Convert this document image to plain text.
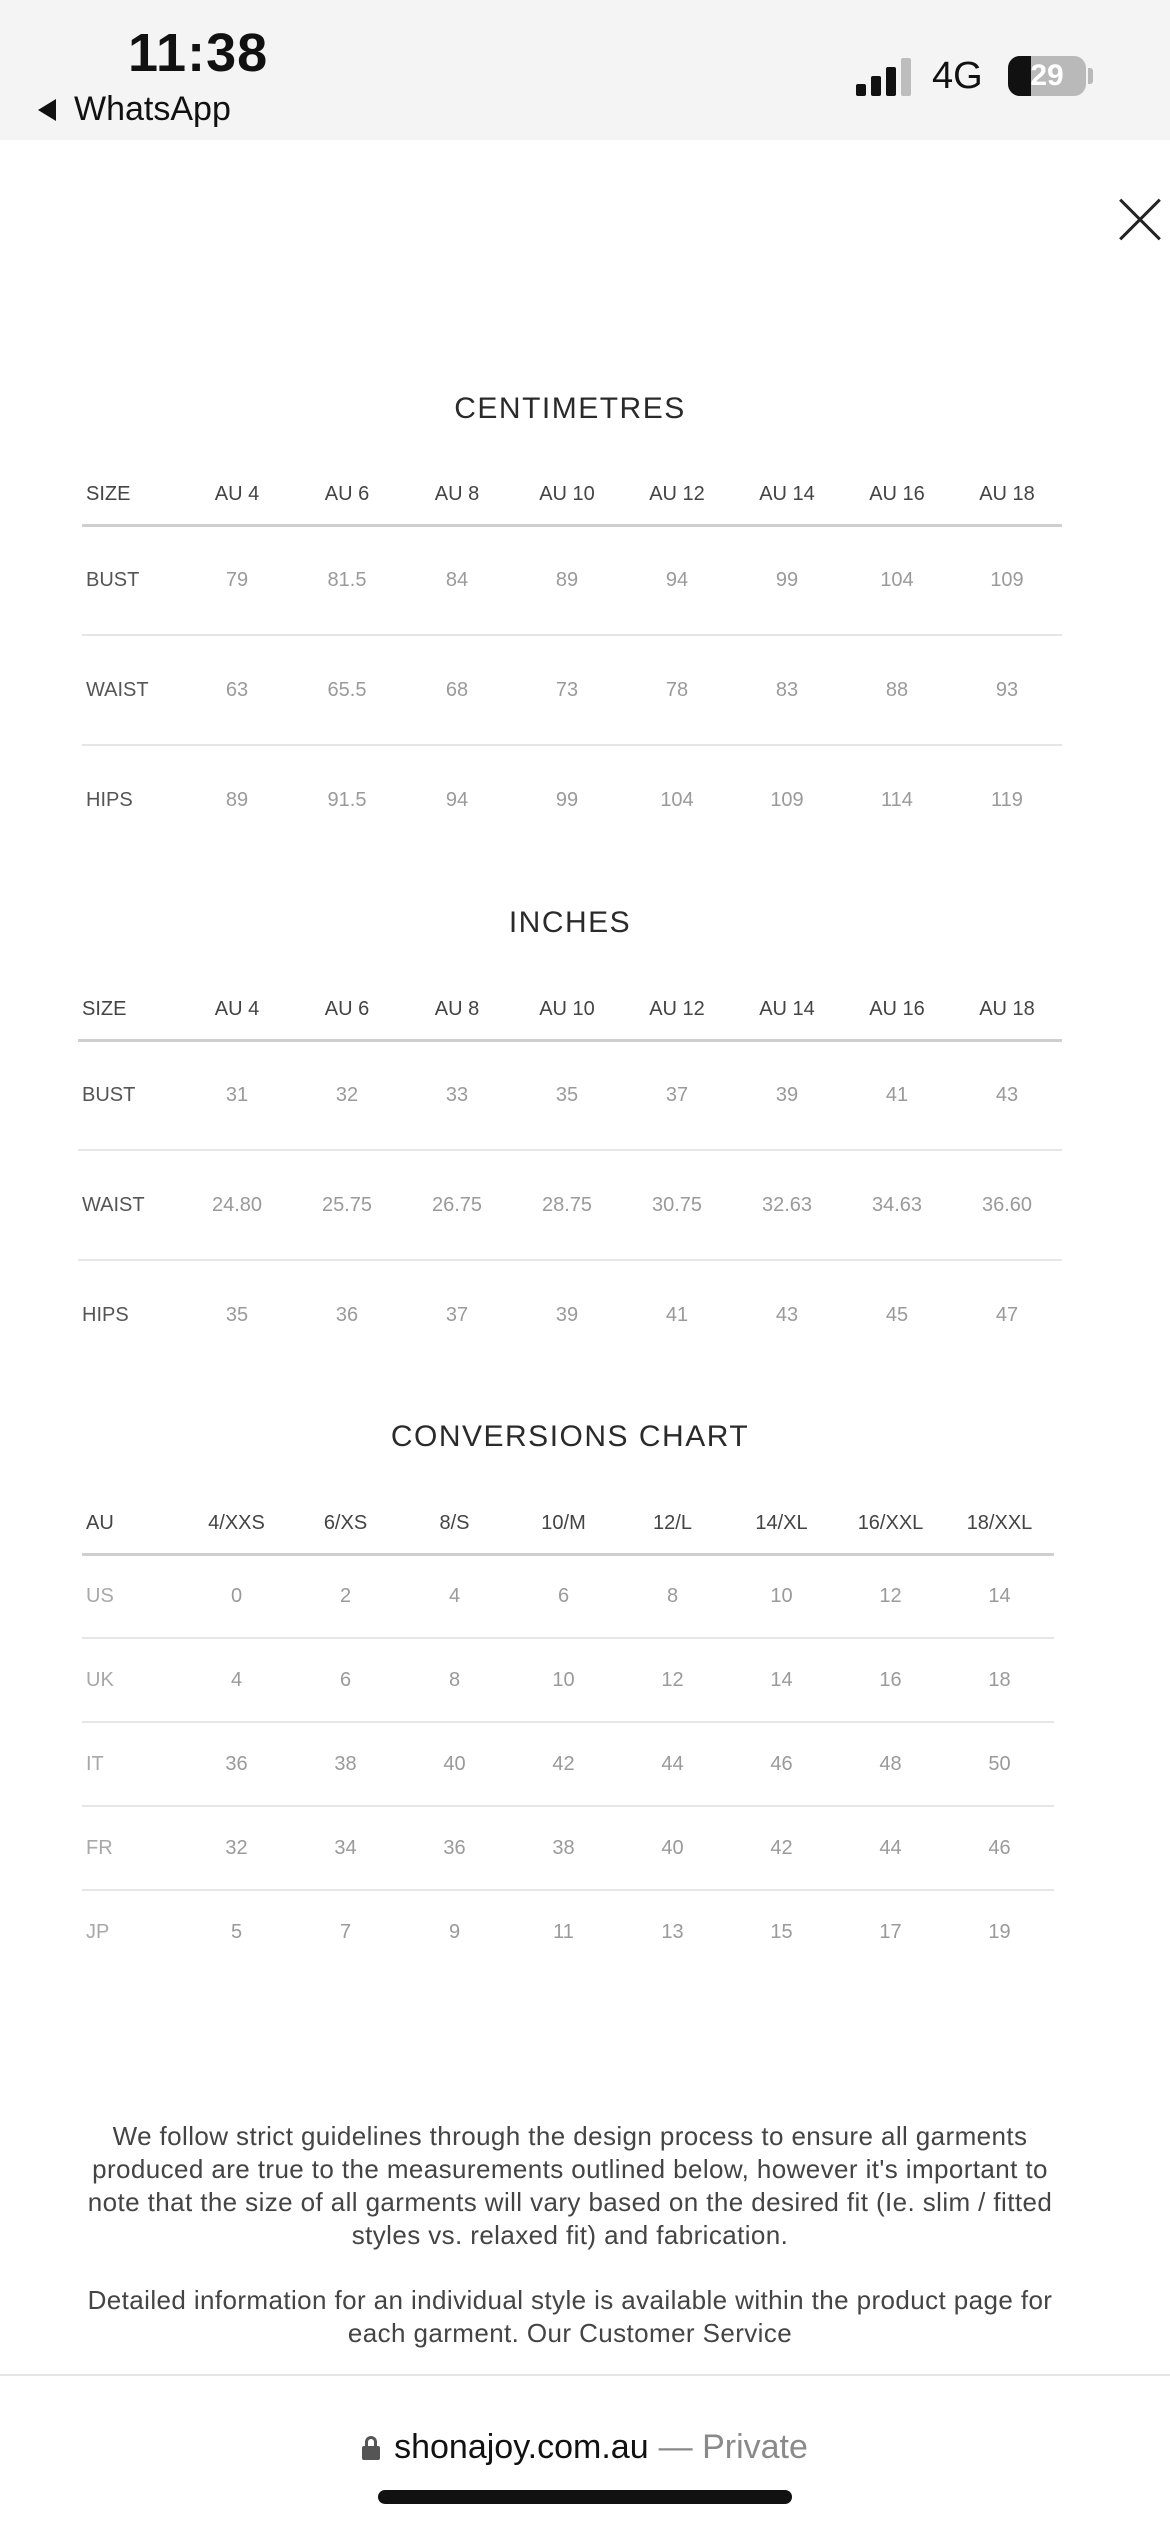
11:38
WhatsApp
4G	29
CENTIMETRES
SIZE	AU 4	AU 6	AU 8	AU 10	AU 12	AU 14	AU 16	AU 18
BUST	79	81.5	84	89	94	99	104	109
WAIST	63	65.5	68	73	78	83	88	93
HIPS	89	91.5	94	99	104	109	114	119
INCHES
SIZE	AU 4	AU 6	AU 8	AU 10	AU 12	AU 14	AU 16	AU 18
BUST	31	32	33	35	37	39	41	43
WAIST	24.80	25.75	26.75	28.75	30.75	32.63	34.63	36.60
HIPS	35	36	37	39	41	43	45	47
CONVERSIONS CHART
AU	4/XXS	6/XS	8/S	10/M	12/L	14/XL	16/XXL	18/XXL
US	0	2	4	6	8	10	12	14
UK	4	6	8	10	12	14	16	18
IT	36	38	40	42	44	46	48	50
FR	32	34	36	38	40	42	44	46
JP	5	7	9	11	13	15	17	19

We follow strict guidelines through the design process to ensure all garments produced are true to the measurements outlined below, however it's important to note that the size of all garments will vary based on the desired fit (Ie. slim / fitted styles vs. relaxed fit) and fabrication.

Detailed information for an individual style is available within the product page for each garment. Our Customer Service

shonajoy.com.au — Private
